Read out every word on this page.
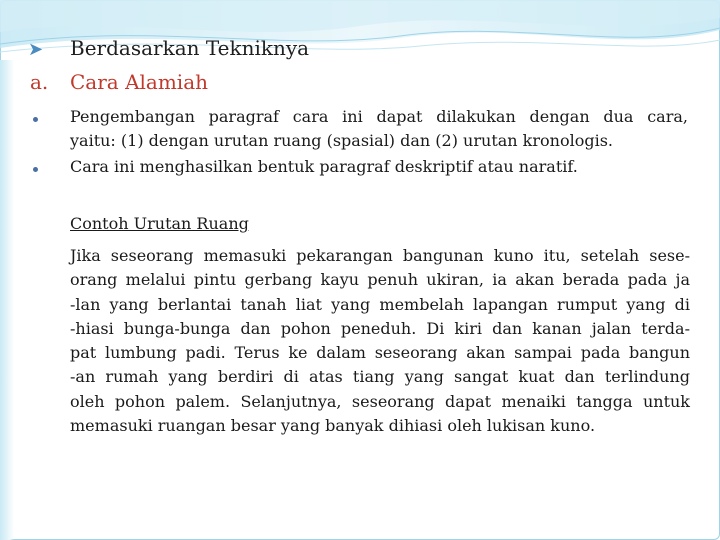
➤ Berdasarkan Tekniknya
a. Cara Alamiah
Pengembangan paragraf cara ini dapat dilakukan dengan dua cara,
yaitu: (1) dengan urutan ruang (spasial) dan (2) urutan kronologis.
Cara ini menghasilkan bentuk paragraf deskriptif atau naratif.
Contoh Urutan Ruang
Jika seseorang memasuki pekarangan bangunan kuno itu, setelah sese-
orang melalui pintu gerbang kayu penuh ukiran, ia akan berada pada ja
-lan yang berlantai tanah liat yang membelah lapangan rumput yang di
-hiasi bunga-bunga dan pohon peneduh. Di kiri dan kanan jalan terda-
pat lumbung padi. Terus ke dalam seseorang akan sampai pada bangun
-an rumah yang berdiri di atas tiang yang sangat kuat dan terlindung
oleh pohon palem. Selanjutnya, seseorang dapat menaiki tangga untuk
memasuki ruangan besar yang banyak dihiasi oleh lukisan kuno.
